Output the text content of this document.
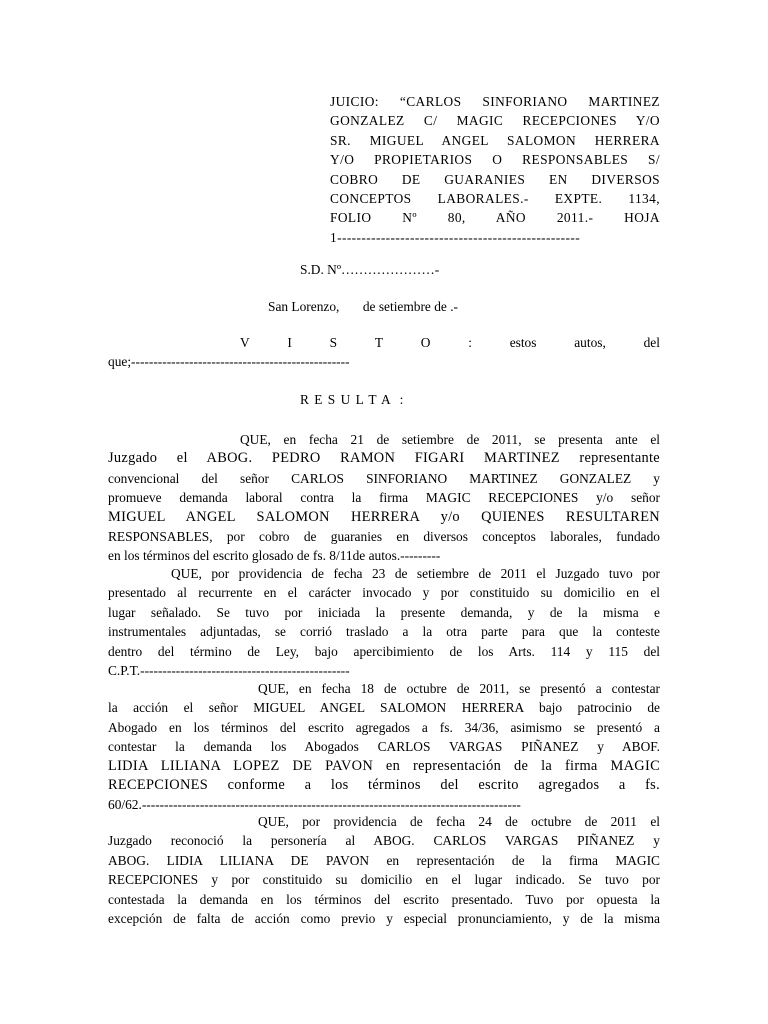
JUICIO: “CARLOS SINFORIANO MARTINEZ
GONZALEZ C/ MAGIC RECEPCIONES Y/O
SR. MIGUEL ANGEL SALOMON HERRERA
Y/O PROPIETARIOS O RESPONSABLES S/
COBRO DE GUARANIES EN DIVERSOS
CONCEPTOS LABORALES.- EXPTE. 1134,
FOLIO Nº 80, AÑO 2011.- HOJA
1--------------------------------------------------
S.D. Nº…………………-
San Lorenzo,       de setiembre de .-
V	I	S	T	O	:	estos	autos,	del
que;-------------------------------------------------
R E S U L T A  :
QUE, en fecha 21 de setiembre de 2011, se presenta ante el
Juzgado el ABOG. PEDRO RAMON FIGARI MARTINEZ representante
convencional del señor CARLOS SINFORIANO MARTINEZ GONZALEZ y
promueve demanda laboral contra la firma MAGIC RECEPCIONES y/o señor
MIGUEL ANGEL SALOMON HERRERA y/o QUIENES RESULTAREN
RESPONSABLES, por cobro de guaranies en diversos conceptos laborales, fundado
en los términos del escrito glosado de fs. 8/11de autos.---------
QUE, por providencia de fecha 23 de setiembre de 2011 el Juzgado tuvo por
presentado al recurrente en el carácter invocado y por constituido su domicilio en el
lugar señalado. Se tuvo por iniciada la presente demanda, y de la misma e
instrumentales adjuntadas, se corrió traslado a la otra parte para que la conteste
dentro del término de Ley, bajo apercibimiento de los Arts. 114 y 115 del
C.P.T.-----------------------------------------------
QUE, en fecha 18 de octubre de 2011, se presentó a contestar
la acción el señor MIGUEL ANGEL SALOMON HERRERA bajo patrocinio de
Abogado en los términos del escrito agregados a fs. 34/36, asimismo se presentó a
contestar la demanda los Abogados CARLOS VARGAS PIÑANEZ y ABOF.
LIDIA LILIANA LOPEZ DE PAVON en representación de la firma MAGIC
RECEPCIONES conforme a los términos del escrito agregados a fs.
60/62.-------------------------------------------------------------------------------------
QUE, por providencia de fecha 24 de octubre de 2011 el
Juzgado reconoció la personería al ABOG. CARLOS VARGAS PIÑANEZ y
ABOG. LIDIA LILIANA DE PAVON en representación de la firma MAGIC
RECEPCIONES y por constituido su domicilio en el lugar indicado. Se tuvo por
contestada la demanda en los términos del escrito presentado. Tuvo por opuesta la
excepción de falta de acción como previo y especial pronunciamiento, y de la misma
